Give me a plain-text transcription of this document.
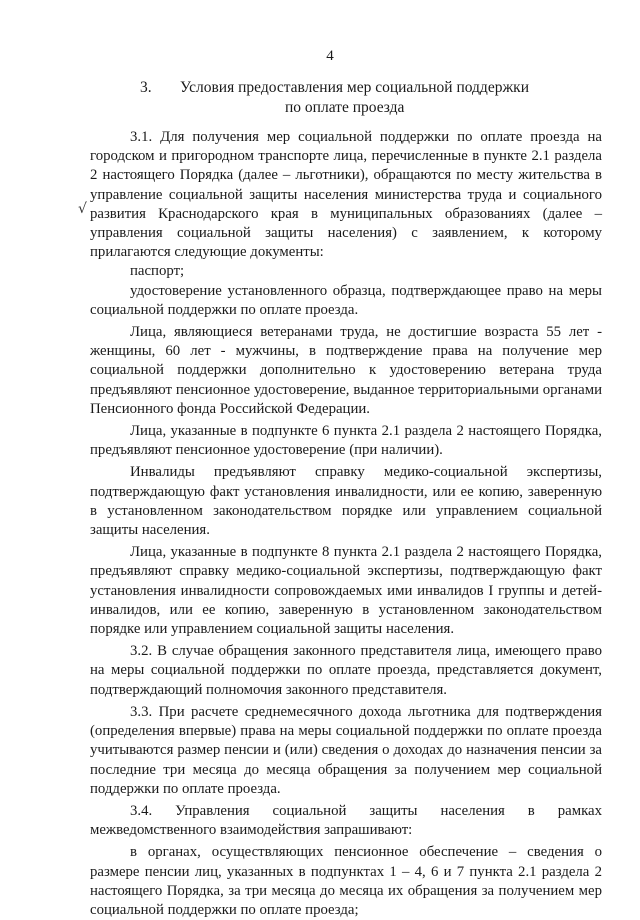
4
3. Условия предоставления мер социальной поддержки
по оплате проезда
√

3.1. Для получения мер социальной поддержки по оплате проезда на городском и пригородном транспорте лица, перечисленные в пункте 2.1 раздела 2 настоящего Порядка (далее – льготники), обращаются по месту жительства в управление социальной защиты населения министерства труда и социального развития Краснодарского края в муниципальных образованиях (далее – управления социальной защиты населения) с заявлением, к которому прилагаются следующие документы:

паспорт;

удостоверение установленного образца, подтверждающее право на меры социальной поддержки по оплате проезда.

Лица, являющиеся ветеранами труда, не достигшие возраста 55 лет - женщины, 60 лет - мужчины, в подтверждение права на получение мер социальной поддержки дополнительно к удостоверению ветерана труда предъявляют пенсионное удостоверение, выданное территориальными органами Пенсионного фонда Российской Федерации.

Лица, указанные в подпункте 6 пункта 2.1 раздела 2 настоящего Порядка, предъявляют пенсионное удостоверение (при наличии).

Инвалиды предъявляют справку медико-социальной экспертизы, подтверждающую факт установления инвалидности, или ее копию, заверенную в установленном законодательством порядке или управлением социальной защиты населения.

Лица, указанные в подпункте 8 пункта 2.1 раздела 2 настоящего Порядка, предъявляют справку медико-социальной экспертизы, подтверждающую факт установления инвалидности сопровождаемых ими инвалидов I группы и детей-инвалидов, или ее копию, заверенную в установленном законодательством порядке или управлением социальной защиты населения.

3.2. В случае обращения законного представителя лица, имеющего право на меры социальной поддержки по оплате проезда, представляется документ, подтверждающий полномочия законного представителя.

3.3. При расчете среднемесячного дохода льготника для подтверждения (определения впервые) права на меры социальной поддержки по оплате проезда учитываются размер пенсии и (или) сведения о доходах до назначения пенсии за последние три месяца до месяца обращения за получением мер социальной поддержки по оплате проезда.

3.4. Управления социальной защиты населения в рамках межведомственного взаимодействия запрашивают:

в органах, осуществляющих пенсионное обеспечение – сведения о размере пенсии лиц, указанных в подпунктах 1 – 4, 6 и 7 пункта 2.1 раздела 2 настоящего Порядка, за три месяца до месяца их обращения за получением мер социальной поддержки по оплате проезда;
